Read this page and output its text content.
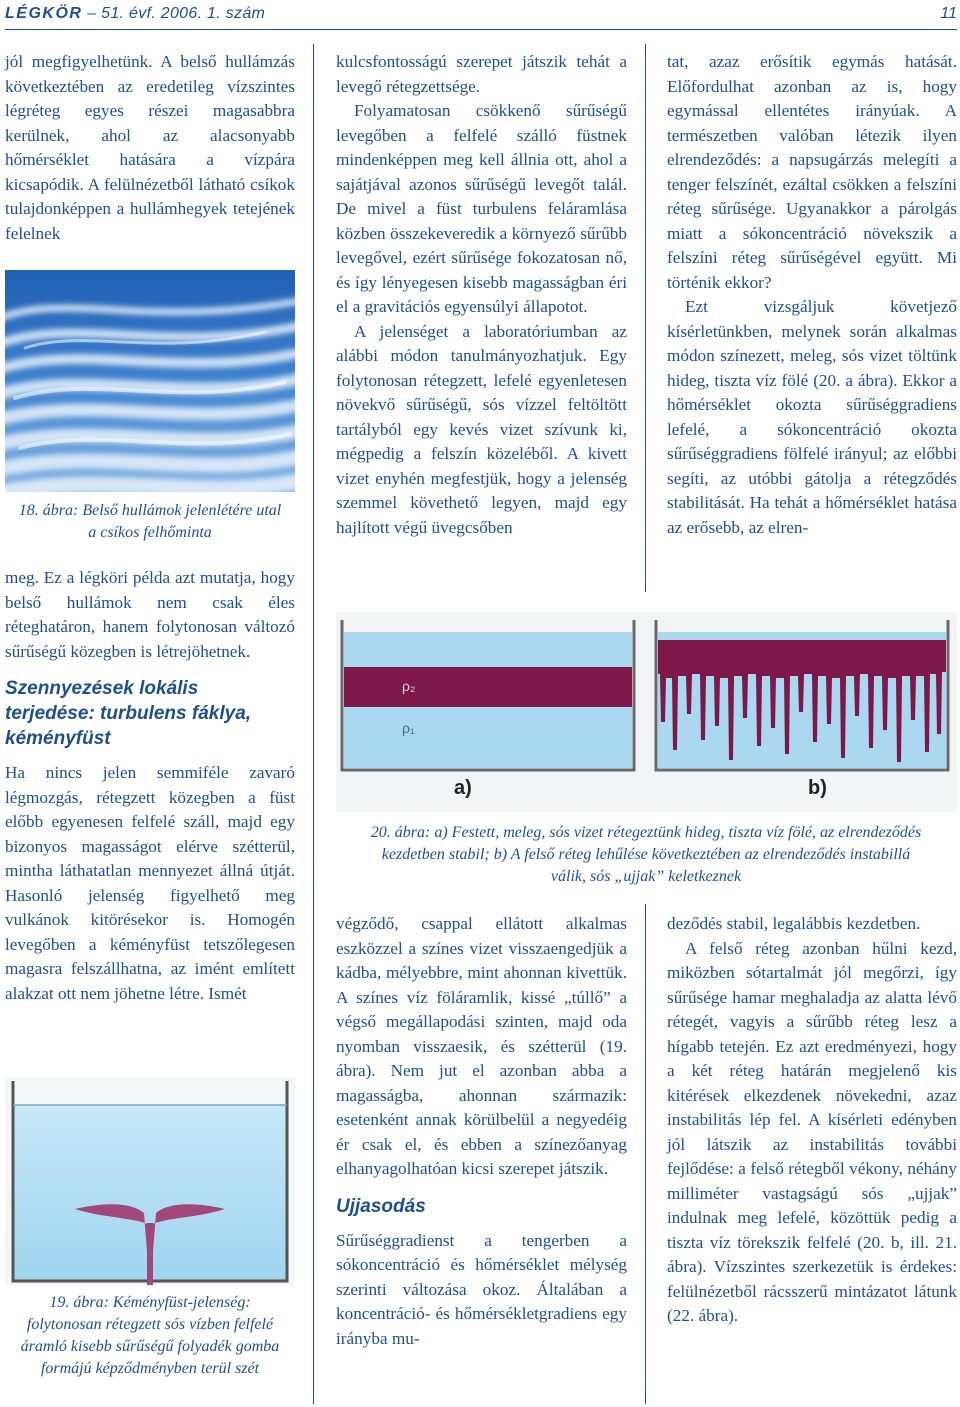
LÉGKÖR – 51. évf. 2006. 1. szám	11

jól megfigyelhetünk. A belső hullámzás következtében az eredetileg vízszintes légréteg egyes részei magasabbra kerülnek, ahol az alacsonyabb hőmérséklet hatására a vízpára kicsapódik. A felülnézetből látható csíkok tulajdonképpen a hullámhegyek tetejének felelnek

18. ábra: Belső hullámok jelenlétére utal a csíkos felhőminta

meg. Ez a légköri példa azt mutatja, hogy belső hullámok nem csak éles réteghatáron, hanem folytonosan változó sűrűségű közegben is létrejöhetnek.

Szennyezések lokális terjedése: turbulens fáklya, kéményfüst

Ha nincs jelen semmiféle zavaró légmozgás, rétegzett közegben a füst előbb egyenesen felfelé száll, majd egy bizonyos magasságot elérve szétterül, mintha láthatatlan mennyezet állná útját. Hasonló jelenség figyelhető meg vulkánok kitörésekor is. Homogén levegőben a kéményfüst tetszőlegesen magasra felszállhatna, az imént említett alakzat ott nem jöhetne létre. Ismét

19. ábra: Kéményfüst-jelenség: folytonosan rétegzett sós vízben felfelé áramló kisebb sűrűségű folyadék gomba formájú képződményben terül szét

kulcsfontosságú szerepet játszik tehát a levegő rétegzettsége.

Folyamatosan csökkenő sűrűségű levegőben a felfelé szálló füstnek mindenképpen meg kell állnia ott, ahol a sajátjával azonos sűrűségű levegőt talál. De mivel a füst turbulens feláramlása közben összekeveredik a környező sűrűbb levegővel, ezért sűrűsége fokozatosan nő, és így lényegesen kisebb magasságban éri el a gravitációs egyensúlyi állapotot.

A jelenséget a laboratóriumban az alábbi módon tanulmányozhatjuk. Egy folytonosan rétegzett, lefelé egyenletesen növekvő sűrűségű, sós vízzel feltöltött tartályból egy kevés vizet szívunk ki, mégpedig a felszín közeléből. A kivett vizet enyhén megfestjük, hogy a jelenség szemmel követhető legyen, majd egy hajlított végű üvegcsőben

tat, azaz erősítik egymás hatását. Előfordulhat azonban az is, hogy egymással ellentétes irányúak. A természetben valóban létezik ilyen elrendeződés: a napsugárzás melegíti a tenger felszínét, ezáltal csökken a felszíni réteg sűrűsége. Ugyanakkor a párolgás miatt a sókoncentráció növekszik a felszíni réteg sűrűségével együtt. Mi történik ekkor?

Ezt vizsgáljuk követjező kísérletünkben, melynek során alkalmas módon színezett, meleg, sós vizet töltünk hideg, tiszta víz fölé (20. a ábra). Ekkor a hőmérséklet okozta sűrűséggradiens lefelé, a sókoncentráció okozta sűrűséggradiens fölfelé irányul; az előbbi segíti, az utóbbi gátolja a rétegződés stabilitását. Ha tehát a hőmérséklet hatása az erősebb, az elren-

ρ₂
ρ₁
a)	b)
20. ábra: a) Festett, meleg, sós vizet rétegeztünk hideg, tiszta víz fölé, az elrendeződés kezdetben stabil; b) A felső réteg lehűlése következtében az elrendeződés instabillá válik, sós „ujjak” keletkeznek

végződő, csappal ellátott alkalmas eszközzel a színes vizet visszaengedjük a kádba, mélyebbre, mint ahonnan kivettük. A színes víz föláramlik, kissé „túllő” a végső megállapodási szinten, majd oda nyomban visszaesik, és szétterül (19. ábra). Nem jut el azonban abba a magasságba, ahonnan származik: esetenként annak körülbelül a negyedéig ér csak el, és ebben a színezőanyag elhanyagolhatóan kicsi szerepet játszik.

Ujjasodás

Sűrűséggradienst a tengerben a sókoncentráció és hőmérséklet mélység szerinti változása okoz. Általában a koncentráció- és hőmérsékletgradiens egy irányba mu-

deződés stabil, legalábbis kezdetben.

A felső réteg azonban hűlni kezd, miközben sótartalmát jól megőrzi, így sűrűsége hamar meghaladja az alatta lévő rétegét, vagyis a sűrűbb réteg lesz a hígabb tetején. Ez azt eredményezi, hogy a két réteg határán megjelenő kis kitérések elkezdenek növekedni, azaz instabilitás lép fel. A kísérleti edényben jól látszik az instabilitás további fejlődése: a felső rétegből vékony, néhány milliméter vastagságú sós „ujjak” indulnak meg lefelé, közöttük pedig a tiszta víz törekszik felfelé (20. b, ill. 21. ábra). Vízszintes szerkezetük is érdekes: felülnézetből rácsszerű mintázatot látunk (22. ábra).
